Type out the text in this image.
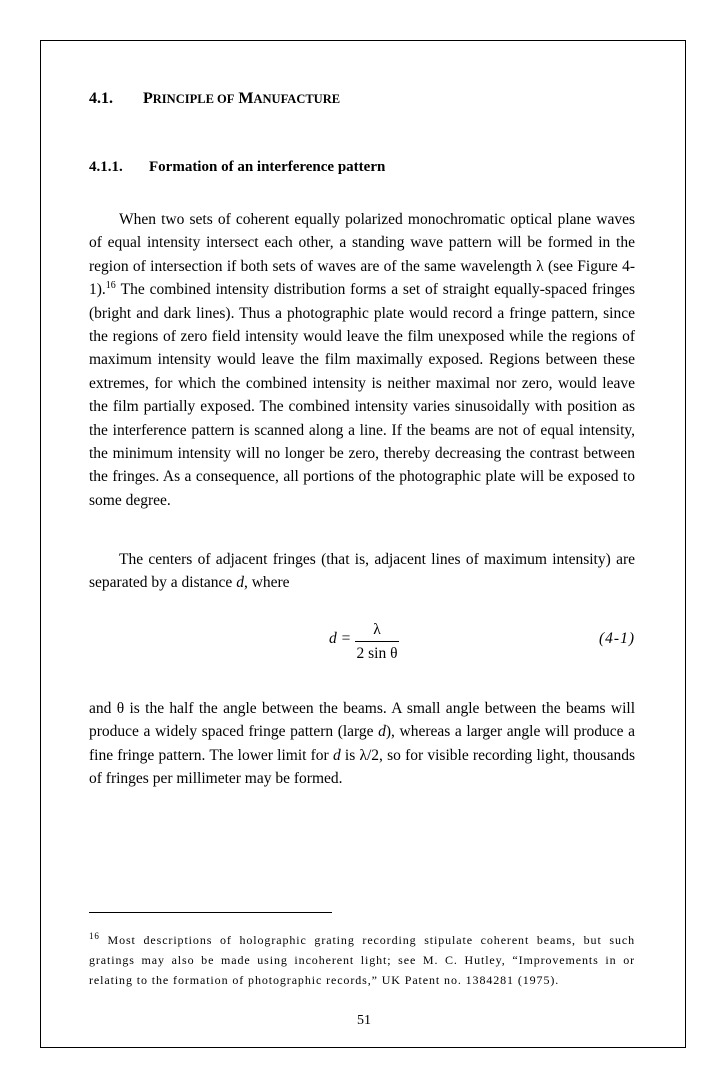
4.1. PRINCIPLE OF MANUFACTURE
4.1.1. Formation of an interference pattern

When two sets of coherent equally polarized monochromatic optical plane waves of equal intensity intersect each other, a standing wave pattern will be formed in the region of intersection if both sets of waves are of the same wavelength λ (see Figure 4-1).$^{16}$ The combined intensity distribution forms a set of straight equally-spaced fringes (bright and dark lines). Thus a photographic plate would record a fringe pattern, since the regions of zero field intensity would leave the film unexposed while the regions of maximum intensity would leave the film maximally exposed. Regions between these extremes, for which the combined intensity is neither maximal nor zero, would leave the film partially exposed. The combined intensity varies sinusoidally with position as the interference pattern is scanned along a line. If the beams are not of equal intensity, the minimum intensity will no longer be zero, thereby decreasing the contrast between the fringes. As a consequence, all portions of the photographic plate will be exposed to some degree.

The centers of adjacent fringes (that is, adjacent lines of maximum intensity) are separated by a distance d, where

d =
λ
2 sin θ
(4-1)

and θ is the half the angle between the beams. A small angle between the beams will produce a widely spaced fringe pattern (large d), whereas a larger angle will produce a fine fringe pattern. The lower limit for d is λ/2, so for visible recording light, thousands of fringes per millimeter may be formed.

$^{16}$ Most descriptions of holographic grating recording stipulate coherent beams, but such gratings may also be made using incoherent light; see M. C. Hutley, “Improvements in or relating to the formation of photographic records,” UK Patent no. 1384281 (1975).
51
